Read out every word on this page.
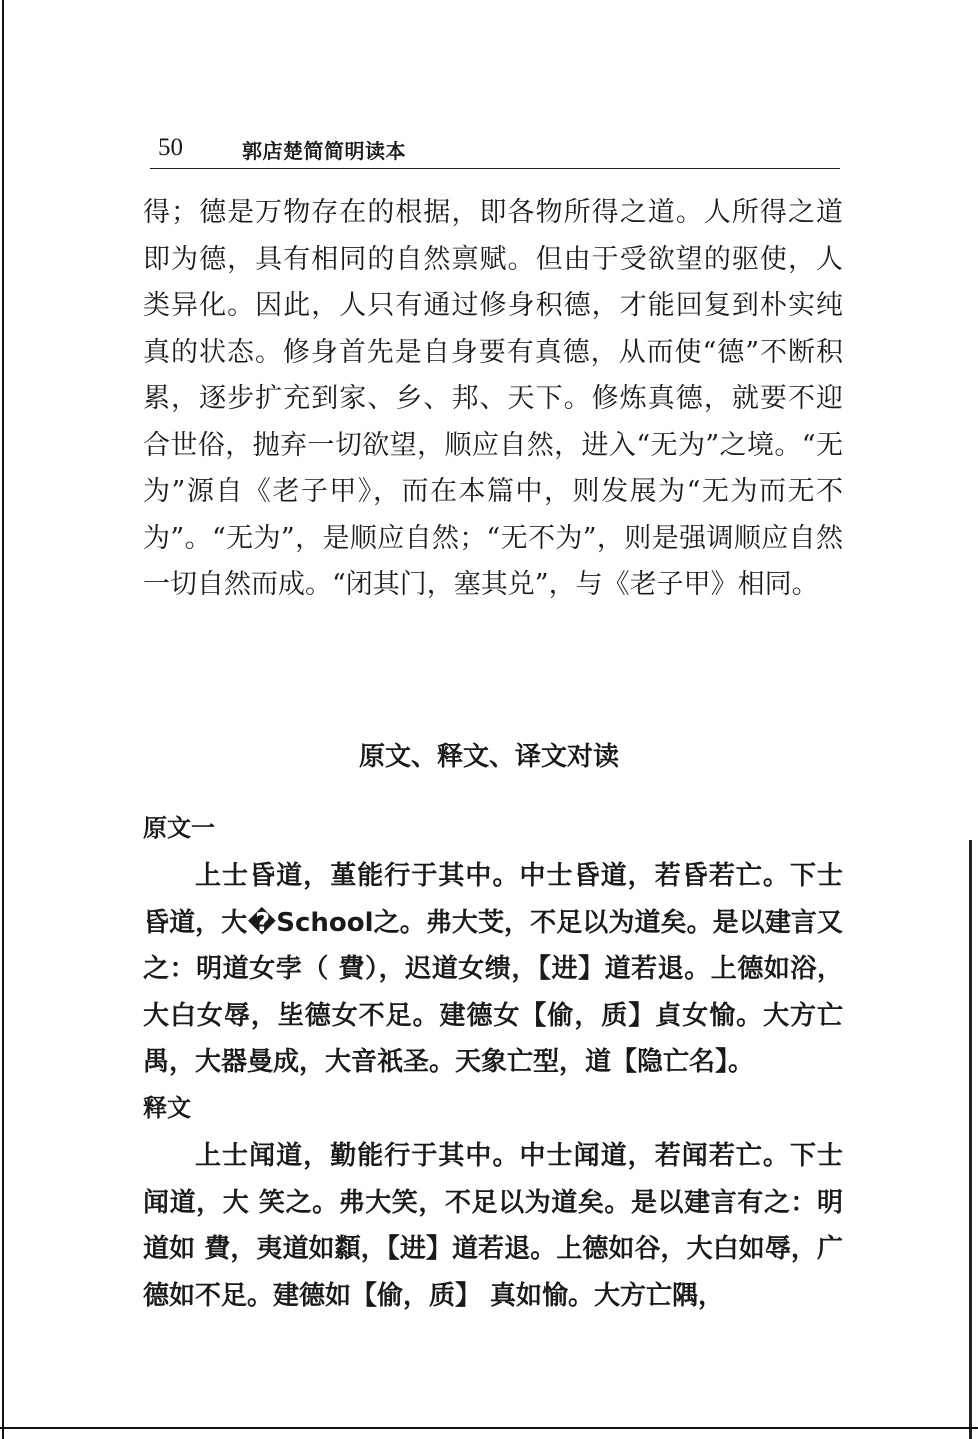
50	郭店楚简简明读本
得；德是万物存在的根据，即各物所得之道。人所得之道即为德，具有相同的自然禀赋。但由于受欲望的驱使，人类异化。因此，人只有通过修身积德，才能回复到朴实纯真的状态。修身首先是自身要有真德，从而使“德”不断积累，逐步扩充到家、乡、邦、天下。修炼真德，就要不迎合世俗，抛弃一切欲望，顺应自然，进入“无为”之境。“无为”源自《老子甲》，而在本篇中，则发展为“无为而无不为”。“无为”，是顺应自然；“无不为”，则是强调顺应自然一切自然而成。“闭其门，塞其兑”，与《老子甲》相同。
原文、释文、译文对读
原文一

上士昏道，堇能行于其中。中士昏道，若昏若亡。下士昏道，大�School之。弗大芠，不足以为道矣。是以建言又之：明道女孛（ 費），迟道女缋，【进】道若退。上德如浴，大白女辱，坒德女不足。建德女【偷，质】貞女愉。大方亡禺，大器曼成，大音祇圣。天象亡型，道【隐亡名】。

释文

上士闻道，勤能行于其中。中士闻道，若闻若亡。下士闻道，大 笑之。弗大笑，不足以为道矣。是以建言有之：明道如 費，夷道如纇，【进】道若退。上德如谷，大白如辱，广德如不足。建德如【偷，质】 真如愉。大方亡隅，
